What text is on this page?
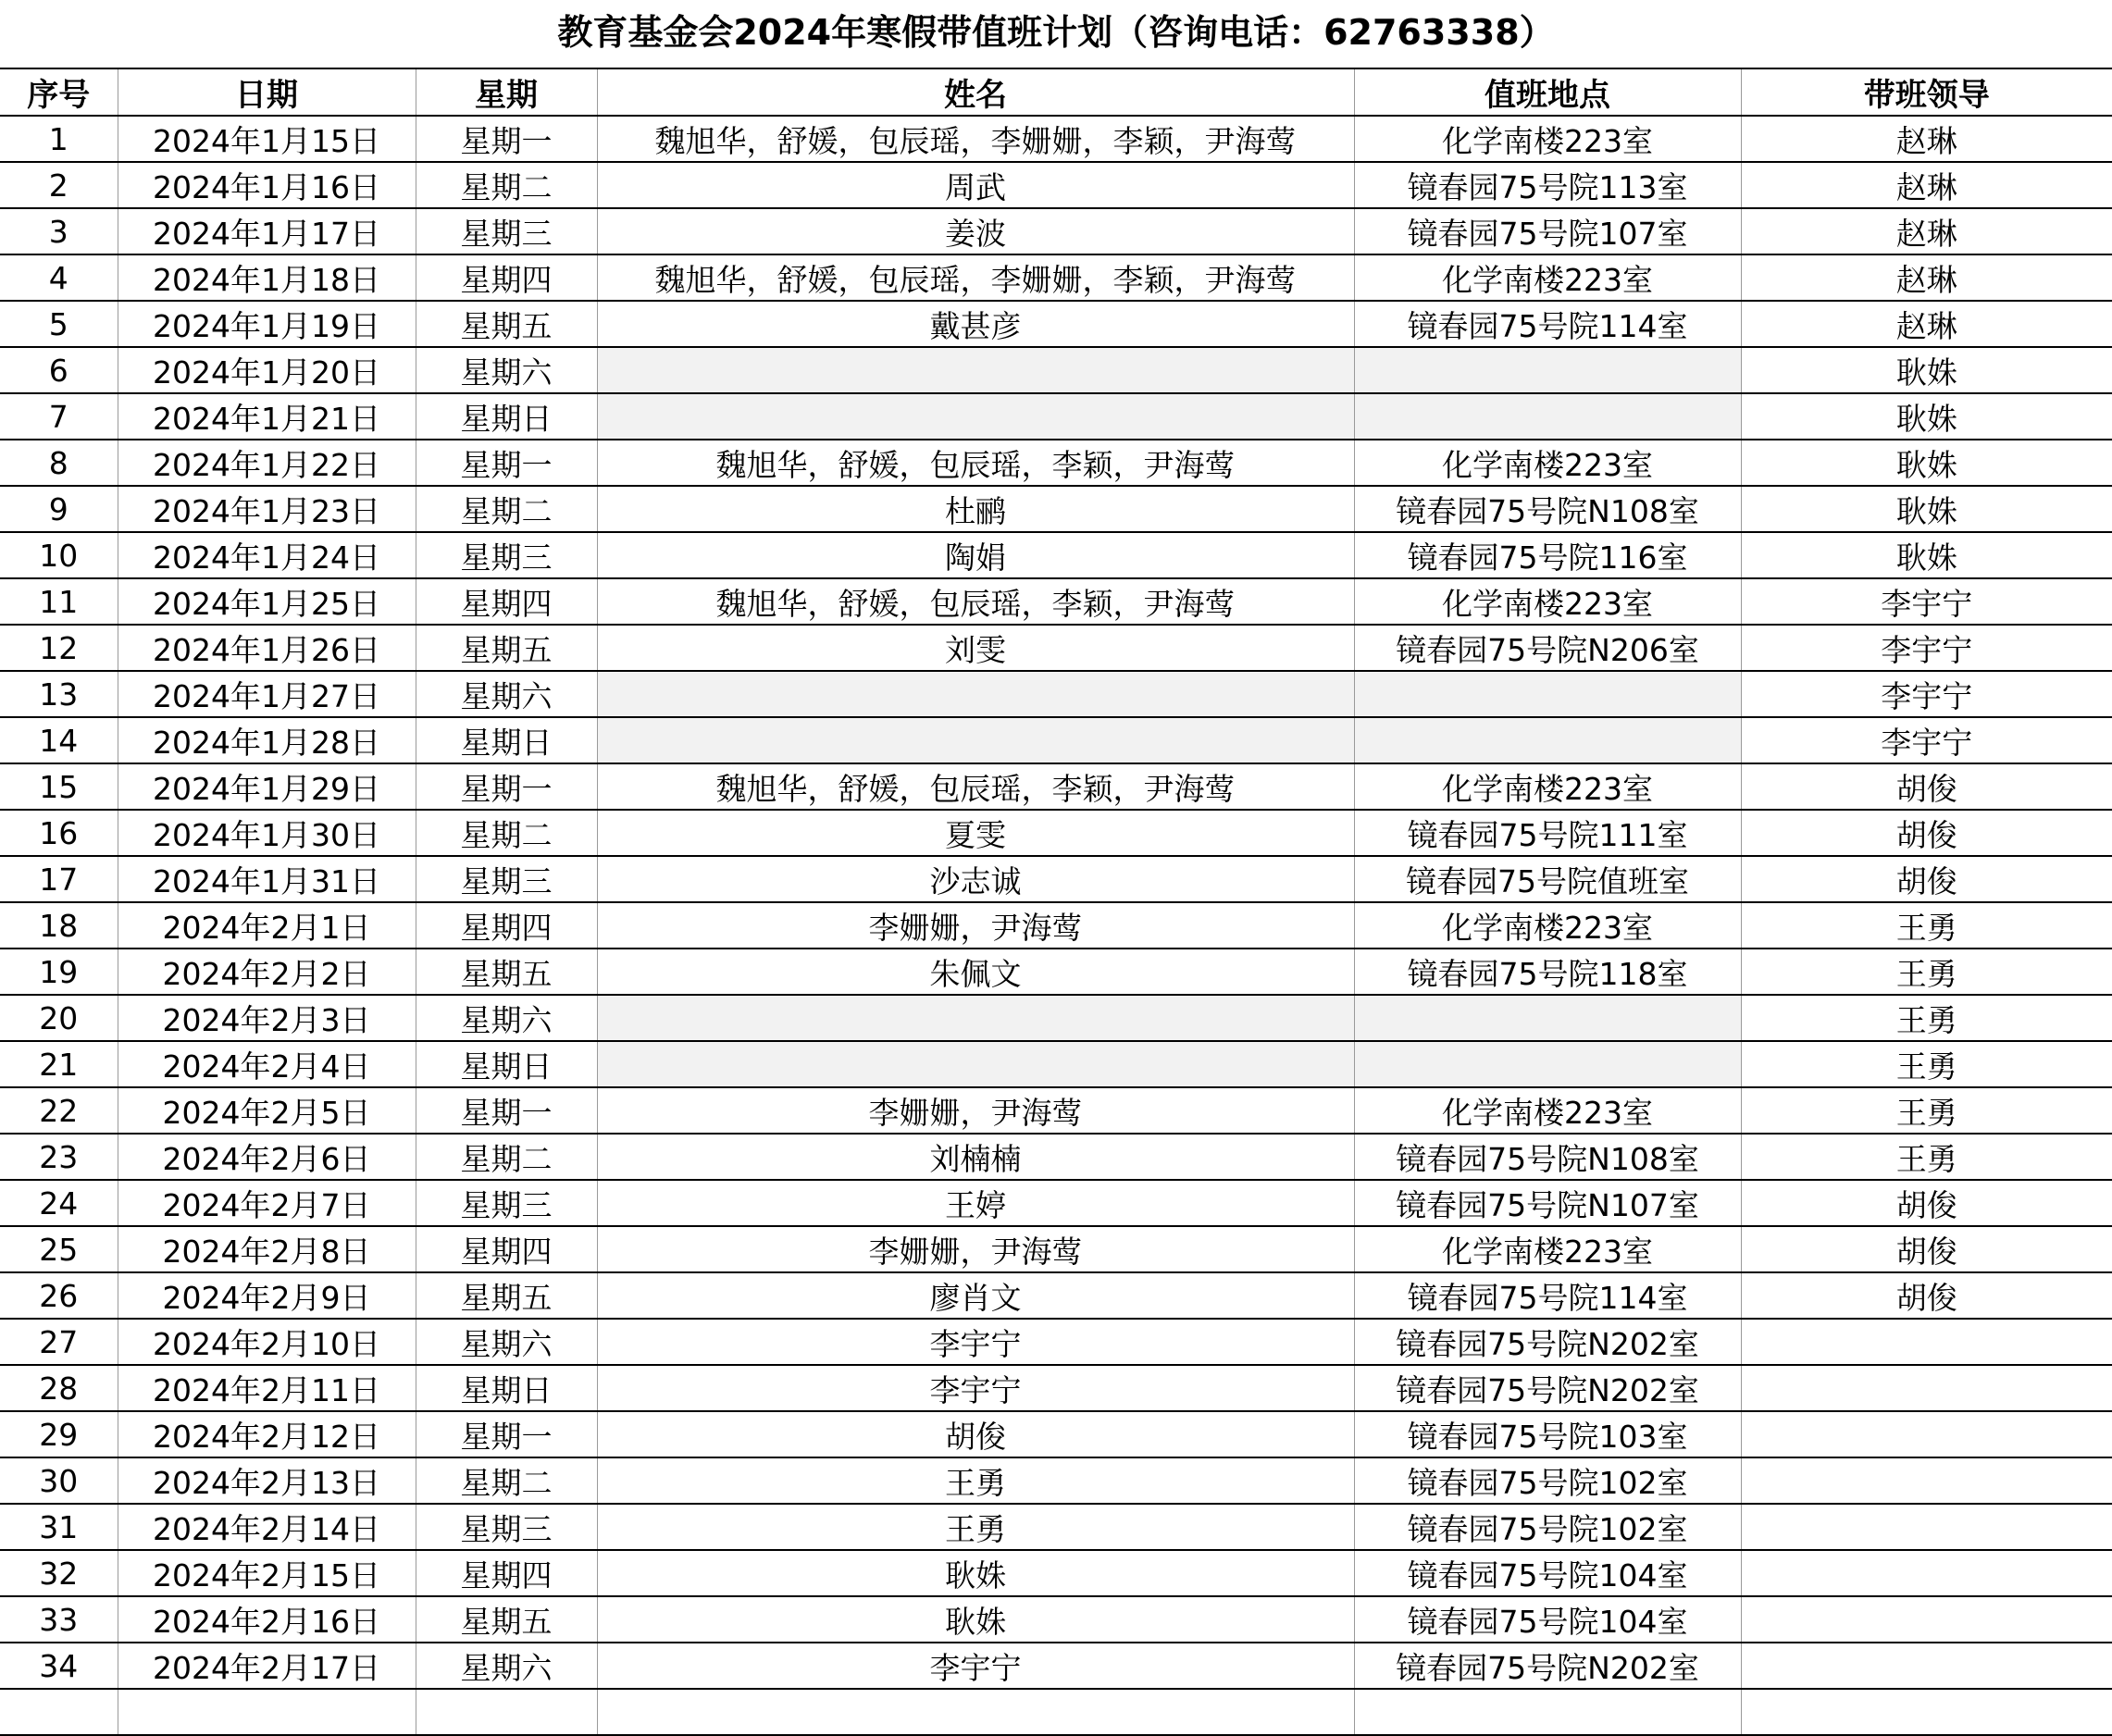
教育基金会2024年寒假带值班计划（咨询电话：62763338）
序号	日期	星期	姓名	值班地点	带班领导
1	2024年1月15日	星期一	魏旭华，舒媛，包辰瑶，李姗姗，李颖，尹海莺	化学南楼223室	赵琳
2	2024年1月16日	星期二	周武	镜春园75号院113室	赵琳
3	2024年1月17日	星期三	姜波	镜春园75号院107室	赵琳
4	2024年1月18日	星期四	魏旭华，舒媛，包辰瑶，李姗姗，李颖，尹海莺	化学南楼223室	赵琳
5	2024年1月19日	星期五	戴甚彦	镜春园75号院114室	赵琳
6	2024年1月20日	星期六			耿姝
7	2024年1月21日	星期日			耿姝
8	2024年1月22日	星期一	魏旭华，舒媛，包辰瑶，李颖，尹海莺	化学南楼223室	耿姝
9	2024年1月23日	星期二	杜鹂	镜春园75号院N108室	耿姝
10	2024年1月24日	星期三	陶娟	镜春园75号院116室	耿姝
11	2024年1月25日	星期四	魏旭华，舒媛，包辰瑶，李颖，尹海莺	化学南楼223室	李宇宁
12	2024年1月26日	星期五	刘雯	镜春园75号院N206室	李宇宁
13	2024年1月27日	星期六			李宇宁
14	2024年1月28日	星期日			李宇宁
15	2024年1月29日	星期一	魏旭华，舒媛，包辰瑶，李颖，尹海莺	化学南楼223室	胡俊
16	2024年1月30日	星期二	夏雯	镜春园75号院111室	胡俊
17	2024年1月31日	星期三	沙志诚	镜春园75号院值班室	胡俊
18	2024年2月1日	星期四	李姗姗，尹海莺	化学南楼223室	王勇
19	2024年2月2日	星期五	朱佩文	镜春园75号院118室	王勇
20	2024年2月3日	星期六			王勇
21	2024年2月4日	星期日			王勇
22	2024年2月5日	星期一	李姗姗，尹海莺	化学南楼223室	王勇
23	2024年2月6日	星期二	刘楠楠	镜春园75号院N108室	王勇
24	2024年2月7日	星期三	王婷	镜春园75号院N107室	胡俊
25	2024年2月8日	星期四	李姗姗，尹海莺	化学南楼223室	胡俊
26	2024年2月9日	星期五	廖肖文	镜春园75号院114室	胡俊
27	2024年2月10日	星期六	李宇宁	镜春园75号院N202室	
28	2024年2月11日	星期日	李宇宁	镜春园75号院N202室	
29	2024年2月12日	星期一	胡俊	镜春园75号院103室	
30	2024年2月13日	星期二	王勇	镜春园75号院102室	
31	2024年2月14日	星期三	王勇	镜春园75号院102室	
32	2024年2月15日	星期四	耿姝	镜春园75号院104室	
33	2024年2月16日	星期五	耿姝	镜春园75号院104室	
34	2024年2月17日	星期六	李宇宁	镜春园75号院N202室	
